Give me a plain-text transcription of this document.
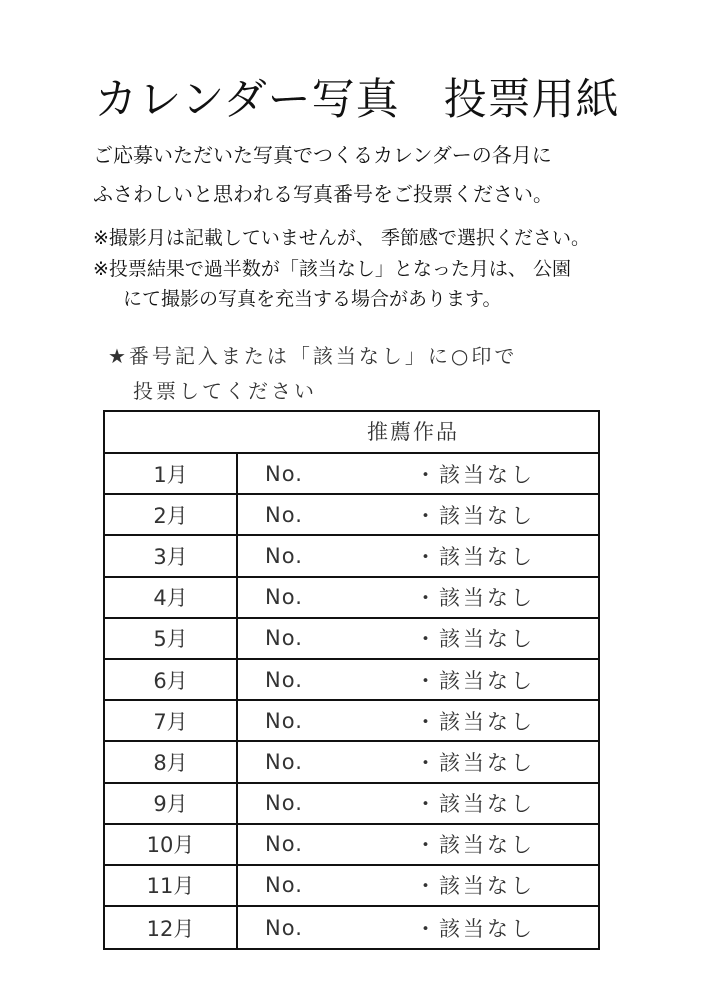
カレンダー写真　投票用紙
ご応募いただいた写真でつくるカレンダーの各月に
ふさわしいと思われる写真番号をご投票ください。
※撮影月は記載していませんが、 季節感で選択ください。
※投票結果で過半数が「該当なし」となった月は、 公園
にて撮影の写真を充当する場合があります。
★番号記入または「該当なし」に○印で
投票してください
推薦作品
1月	No.	・該当なし
2月	No.	・該当なし
3月	No.	・該当なし
4月	No.	・該当なし
5月	No.	・該当なし
6月	No.	・該当なし
7月	No.	・該当なし
8月	No.	・該当なし
9月	No.	・該当なし
10月	No.	・該当なし
11月	No.	・該当なし
12月	No.	・該当なし
